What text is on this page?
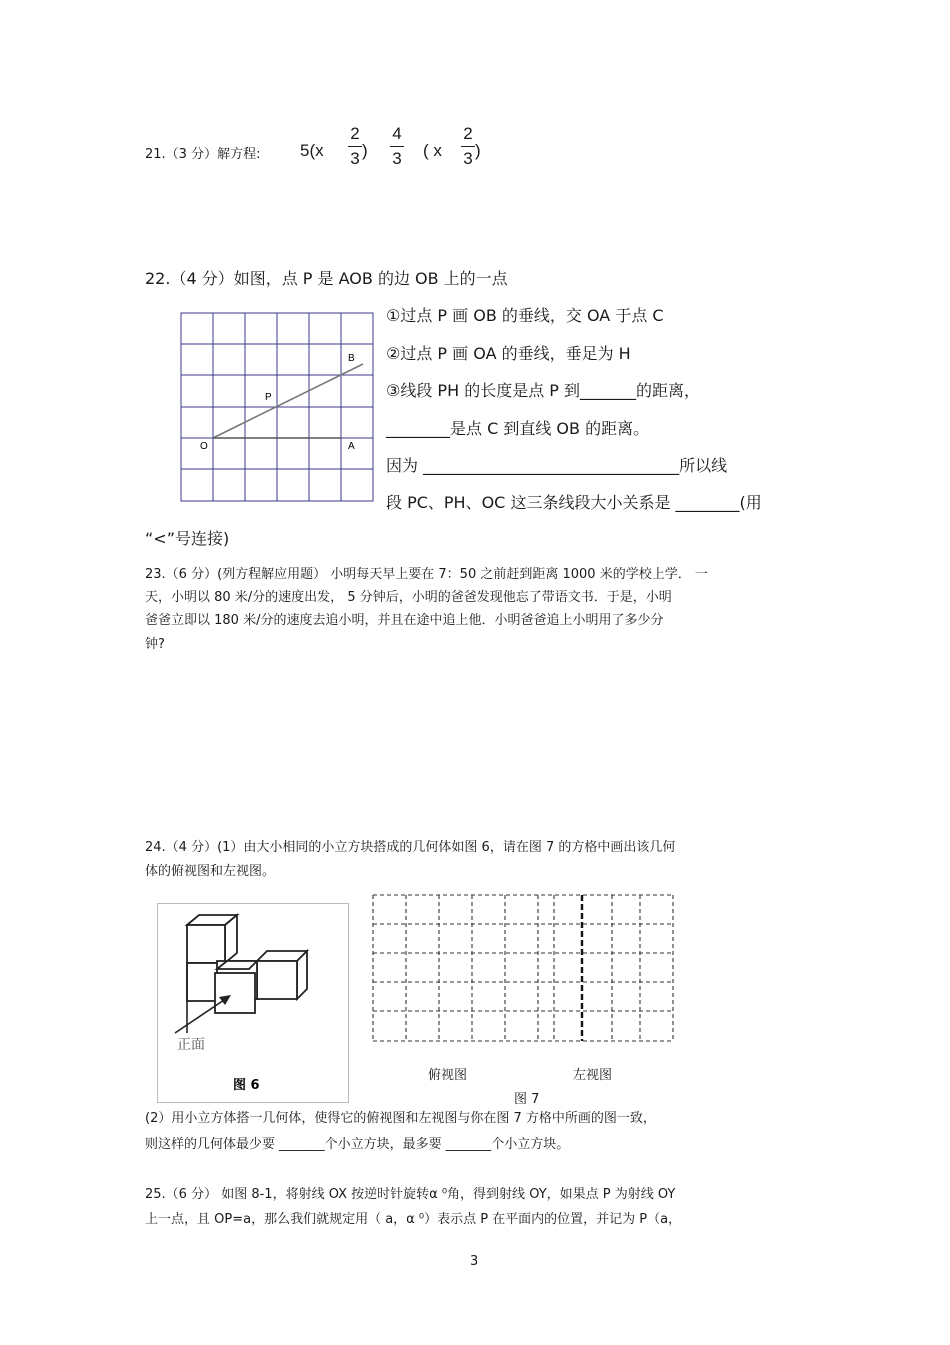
21.（3 分）解方程: 5(x
2
3 )
4
3 ( x
2
3 )
22.（4 分）如图，点 P 是 AOB 的边 OB 上的一点
B
P
O	A
①过点 P 画 OB 的垂线，交 OA 于点 C
②过点 P 画 OA 的垂线，垂足为 H
③线段 PH 的长度是点 P 到_______的距离，
________是点 C 到直线 OB 的距离。
因为 ________________________________所以线
段 PC、PH、OC 这三条线段大小关系是 ________(用
“<”号连接)
23.（6 分）(列方程解应用题） 小明每天早上要在 7：50 之前赶到距离 1000 米的学校上学． 一
天，小明以 80 米/分的速度出发， 5 分钟后，小明的爸爸发现他忘了带语文书．于是，小明
爸爸立即以 180 米/分的速度去追小明，并且在途中追上他．小明爸爸追上小明用了多少分
钟?
24.（4 分）(1）由大小相同的小立方块搭成的几何体如图 6，请在图 7 的方格中画出该几何
体的俯视图和左视图。
正面
图 6
俯视图	左视图
图 7
(2）用小立方体搭一几何体，使得它的俯视图和左视图与你在图 7 方格中所画的图一致，
则这样的几何体最少要 _______个小立方块，最多要 _______个小立方块。
25.（6 分） 如图 8-1，将射线 OX 按逆时针旋转α ⁰角，得到射线 OY，如果点 P 为射线 OY
上一点，且 OP=a，那么我们就规定用（ a，α ⁰）表示点 P 在平面内的位置，并记为 P（a，
3
